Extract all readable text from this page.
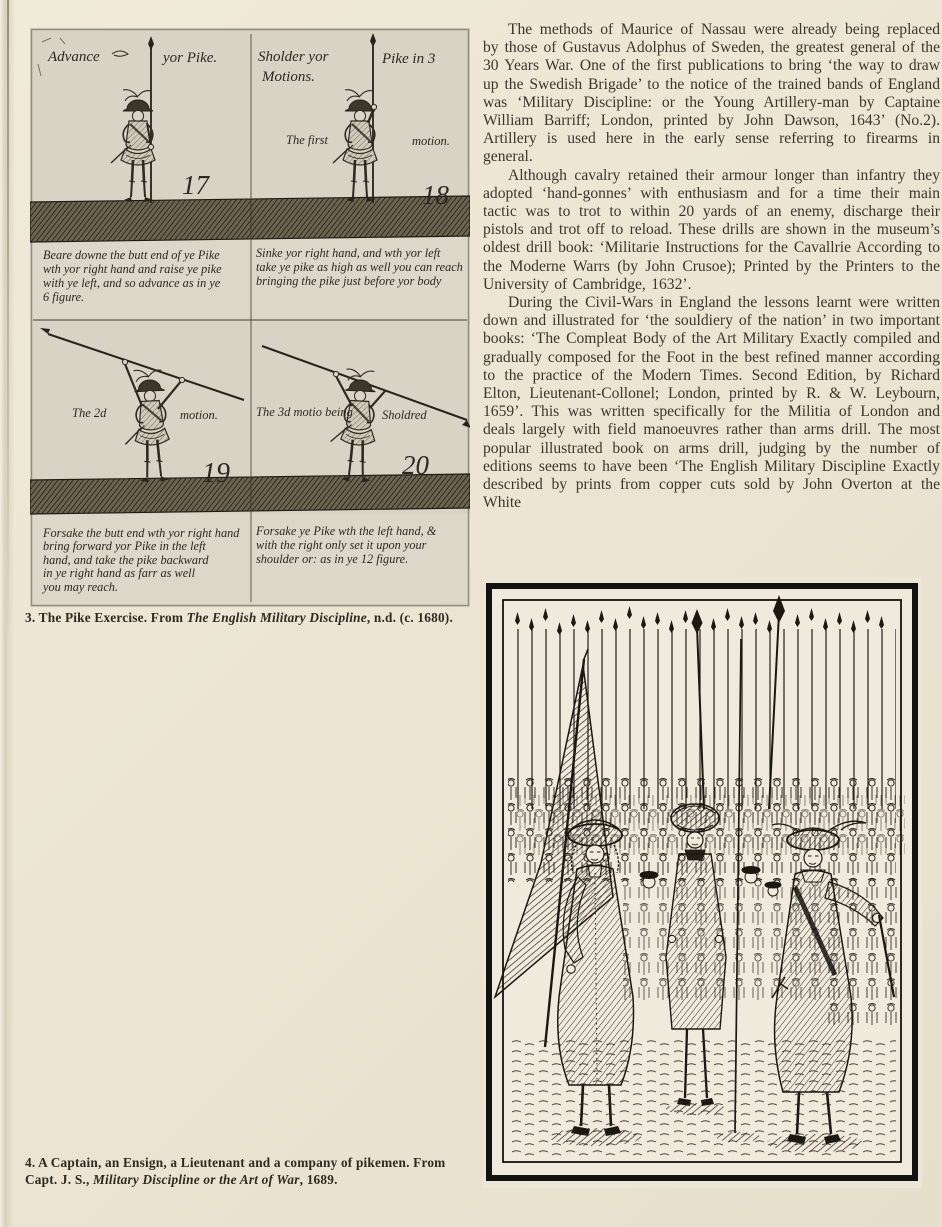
Advance	yor Pike.
17
Sholder yor	Pike in 3
Motions.
The first	motion.
18
Beare downe the butt end of ye Pike
wth yor right hand and raise ye pike
with ye left, and so advance as in ye
6 figure.
Sinke yor right hand, and wth yor left
take ye pike as high as well you can reach
bringing the pike just before yor body
The 2d	motion.
19
The 3d motio being Sholdred
20
Forsake the butt end wth yor right hand
bring forward yor Pike in the left
hand, and take the pike backward
in ye right hand as farr as well
you may reach.
Forsake ye Pike wth the left hand, &
with the right only set it upon your
shoulder or: as in ye 12 figure.
3. The Pike Exercise. From The English Military Discipline, n.d. (c. 1680).

The methods of Maurice of Nassau were already being replaced by those of Gustavus Adolphus of Sweden, the greatest general of the 30 Years War. One of the first publications to bring ‘the way to draw up the Swedish Brigade’ to the notice of the trained bands of England was ‘Military Discipline: or the Young Artillery-man by Captaine William Barriff; London, printed by John Dawson, 1643’ (No.2). Artillery is used here in the early sense referring to firearms in general.

Although cavalry retained their armour longer than infantry they adopted ‘hand-gonnes’ with enthusiasm and for a time their main tactic was to trot to within 20 yards of an enemy, discharge their pistols and trot off to reload. These drills are shown in the museum’s oldest drill book: ‘Militarie Instructions for the Cavallrie According to the Moderne Warrs (by John Crusoe); Printed by the Printers to the University of Cambridge, 1632’.

During the Civil-Wars in England the lessons learnt were written down and illustrated for ‘the souldiery of the nation’ in two important books: ‘The Compleat Body of the Art Military Exactly compiled and gradually composed for the Foot in the best refined manner according to the practice of the Modern Times. Second Edition, by Richard Elton, Lieutenant-Collonel; London, printed by R. & W. Leybourn, 1659’. This was written specifically for the Militia of London and deals largely with field manoeuvres rather than arms drill. The most popular illustrated book on arms drill, judging by the number of editions seems to have been ‘The English Military Discipline Exactly described by prints from copper cuts sold by John Overton at the White

4. A Captain, an Ensign, a Lieutenant and a company of pikemen. From
Capt. J. S., Military Discipline or the Art of War, 1689.
